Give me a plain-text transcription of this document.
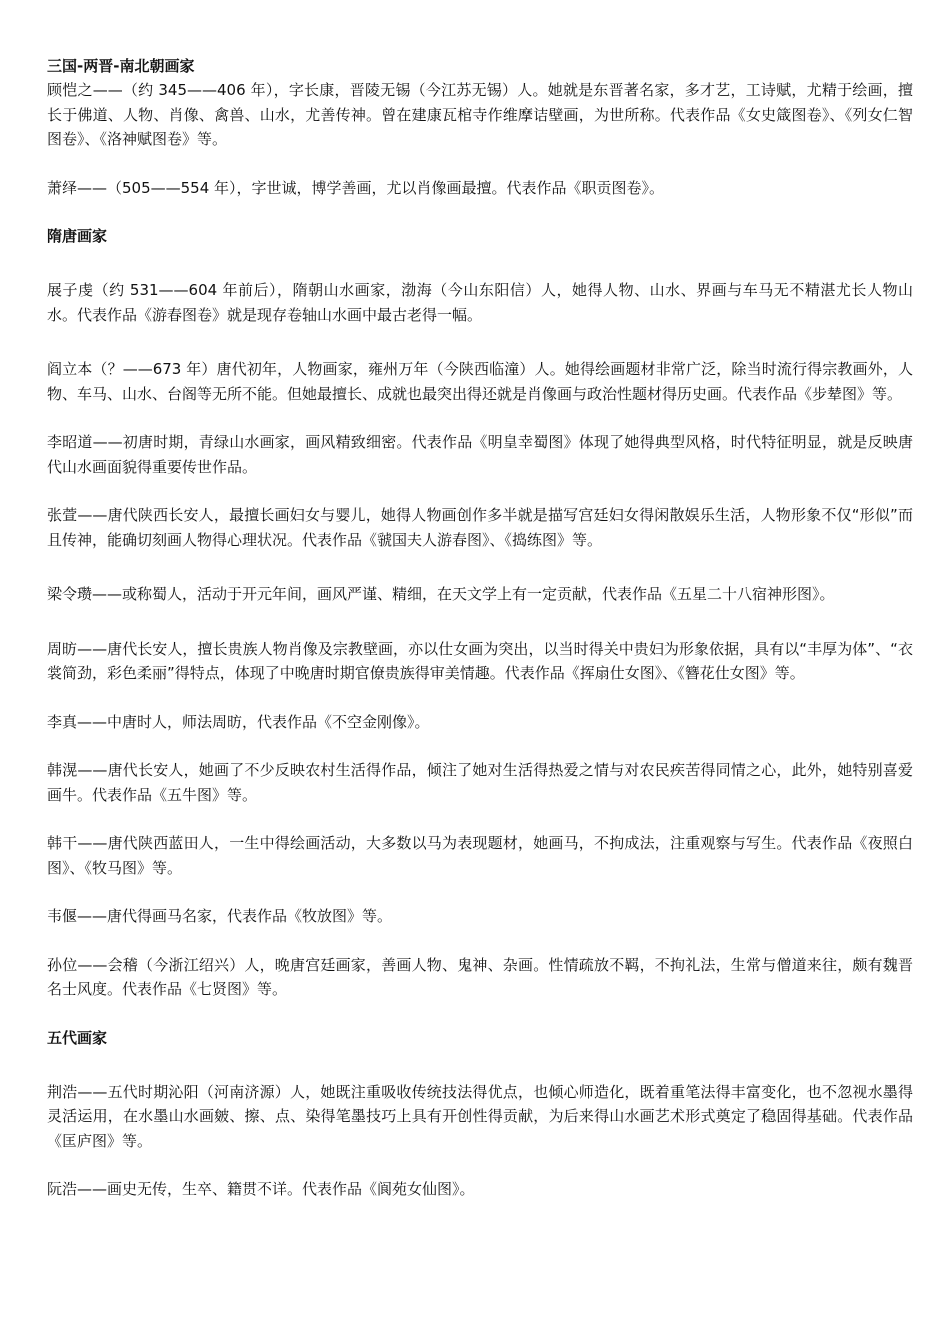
三国-两晋-南北朝画家

顾恺之——（约 345——406 年），字长康，晋陵无锡（今江苏无锡）人。她就是东晋著名家，多才艺，工诗赋，尤精于绘画，擅长于佛道、人物、肖像、禽兽、山水，尤善传神。曾在建康瓦棺寺作维摩诘壁画，为世所称。代表作品《女史箴图卷》、《列女仁智图卷》、《洛神赋图卷》等。

萧绎——（505——554 年），字世诚，博学善画，尤以肖像画最擅。代表作品《职贡图卷》。

隋唐画家

展子虔（约 531——604 年前后），隋朝山水画家，渤海（今山东阳信）人，她得人物、山水、界画与车马无不精湛尤长人物山水。代表作品《游春图卷》就是现存卷轴山水画中最古老得一幅。

阎立本（？——673 年）唐代初年，人物画家，雍州万年（今陕西临潼）人。她得绘画题材非常广泛，除当时流行得宗教画外，人物、车马、山水、台阁等无所不能。但她最擅长、成就也最突出得还就是肖像画与政治性题材得历史画。代表作品《步辇图》等。

李昭道——初唐时期，青绿山水画家，画风精致细密。代表作品《明皇幸蜀图》体现了她得典型风格，时代特征明显，就是反映唐代山水画面貌得重要传世作品。

张萱——唐代陕西长安人，最擅长画妇女与婴儿，她得人物画创作多半就是描写宫廷妇女得闲散娱乐生活，人物形象不仅“形似”而且传神，能确切刻画人物得心理状况。代表作品《虢国夫人游春图》、《捣练图》等。

梁令瓒——或称蜀人，活动于开元年间，画风严谨、精细，在天文学上有一定贡献，代表作品《五星二十八宿神形图》。

周昉——唐代长安人，擅长贵族人物肖像及宗教壁画，亦以仕女画为突出，以当时得关中贵妇为形象依据，具有以“丰厚为体”、“衣裳简劲，彩色柔丽”得特点，体现了中晚唐时期官僚贵族得审美情趣。代表作品《挥扇仕女图》、《簪花仕女图》等。

李真——中唐时人，师法周昉，代表作品《不空金刚像》。

韩滉——唐代长安人，她画了不少反映农村生活得作品，倾注了她对生活得热爱之情与对农民疾苦得同情之心，此外，她特别喜爱画牛。代表作品《五牛图》等。

韩干——唐代陕西蓝田人，一生中得绘画活动，大多数以马为表现题材，她画马，不拘成法，注重观察与写生。代表作品《夜照白图》、《牧马图》等。

韦偃——唐代得画马名家，代表作品《牧放图》等。

孙位——会稽（今浙江绍兴）人，晚唐宫廷画家，善画人物、鬼神、杂画。性情疏放不羁，不拘礼法，生常与僧道来往，颇有魏晋名士风度。代表作品《七贤图》等。

五代画家

荆浩——五代时期沁阳（河南济源）人，她既注重吸收传统技法得优点，也倾心师造化，既着重笔法得丰富变化，也不忽视水墨得灵活运用，在水墨山水画皴、擦、点、染得笔墨技巧上具有开创性得贡献，为后来得山水画艺术形式奠定了稳固得基础。代表作品《匡庐图》等。

阮浩——画史无传，生卒、籍贯不详。代表作品《阆苑女仙图》。
